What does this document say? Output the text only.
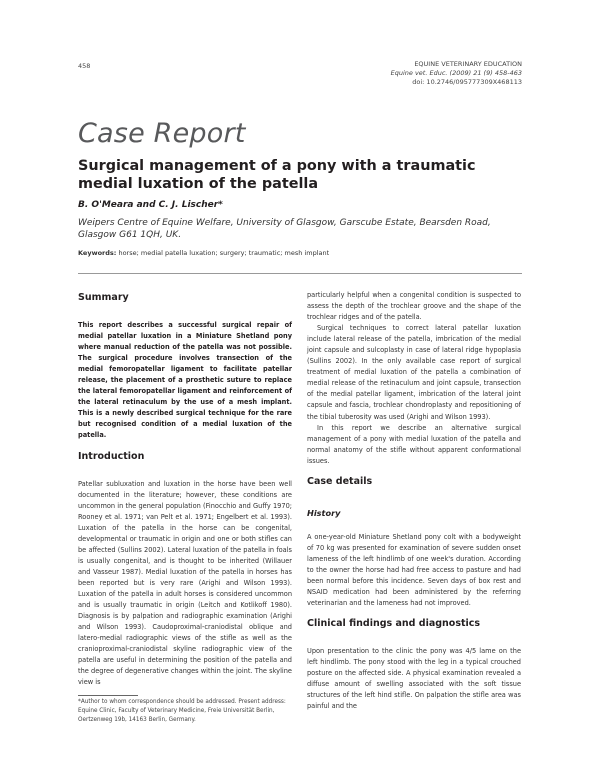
458	EQUINE VETERINARY EDUCATION
Equine vet. Educ. (2009) 21 (9) 458-463
doi: 10.2746/095777309X468113
Case Report
Surgical management of a pony with a traumatic medial luxation of the patella
B. O'Meara and C. J. Lischer*
Weipers Centre of Equine Welfare, University of Glasgow, Garscube Estate, Bearsden Road, Glasgow G61 1QH, UK.
Keywords: horse; medial patella luxation; surgery; traumatic; mesh implant
Summary

This report describes a successful surgical repair of medial patellar luxation in a Miniature Shetland pony where manual reduction of the patella was not possible. The surgical procedure involves transection of the medial femoropatellar ligament to facilitate patellar release, the placement of a prosthetic suture to replace the lateral femoropatellar ligament and reinforcement of the lateral retinaculum by the use of a mesh implant. This is a newly described surgical technique for the rare but recognised condition of a medial luxation of the patella.

Introduction

Patellar subluxation and luxation in the horse have been well documented in the literature; however, these conditions are uncommon in the general population (Finocchio and Guffy 1970; Rooney et al. 1971; van Pelt et al. 1971; Engelbert et al. 1993). Luxation of the patella in the horse can be congenital, developmental or traumatic in origin and one or both stifles can be affected (Sullins 2002). Lateral luxation of the patella in foals is usually congenital, and is thought to be inherited (Willauer and Vasseur 1987). Medial luxation of the patella in horses has been reported but is very rare (Arighi and Wilson 1993). Luxation of the patella in adult horses is considered uncommon and is usually traumatic in origin (Leitch and Kotlikoff 1980). Diagnosis is by palpation and radiographic examination (Arighi and Wilson 1993). Caudoproximal-craniodistal oblique and latero-medial radiographic views of the stifle as well as the cranioproximal-craniodistal skyline radiographic view of the patella are useful in determining the position of the patella and the degree of degenerative changes within the joint. The skyline view is

*Author to whom correspondence should be addressed. Present address: Equine Clinic, Faculty of Veterinary Medicine, Freie Universität Berlin, Oertzenweg 19b, 14163 Berlin, Germany.

particularly helpful when a congenital condition is suspected to assess the depth of the trochlear groove and the shape of the trochlear ridges and of the patella.

Surgical techniques to correct lateral patellar luxation include lateral release of the patella, imbrication of the medial joint capsule and sulcoplasty in case of lateral ridge hypoplasia (Sullins 2002). In the only available case report of surgical treatment of medial luxation of the patella a combination of medial release of the retinaculum and joint capsule, transection of the medial patellar ligament, imbrication of the lateral joint capsule and fascia, trochlear chondroplasty and repositioning of the tibial tuberosity was used (Arighi and Wilson 1993).

In this report we describe an alternative surgical management of a pony with medial luxation of the patella and normal anatomy of the stifle without apparent conformational issues.

Case details
History

A one-year-old Miniature Shetland pony colt with a bodyweight of 70 kg was presented for examination of severe sudden onset lameness of the left hindlimb of one week's duration. According to the owner the horse had had free access to pasture and had been normal before this incidence. Seven days of box rest and NSAID medication had been administered by the referring veterinarian and the lameness had not improved.

Clinical findings and diagnostics

Upon presentation to the clinic the pony was 4/5 lame on the left hindlimb. The pony stood with the leg in a typical crouched posture on the affected side. A physical examination revealed a diffuse amount of swelling associated with the soft tissue structures of the left hind stifle. On palpation the stifle area was painful and the
